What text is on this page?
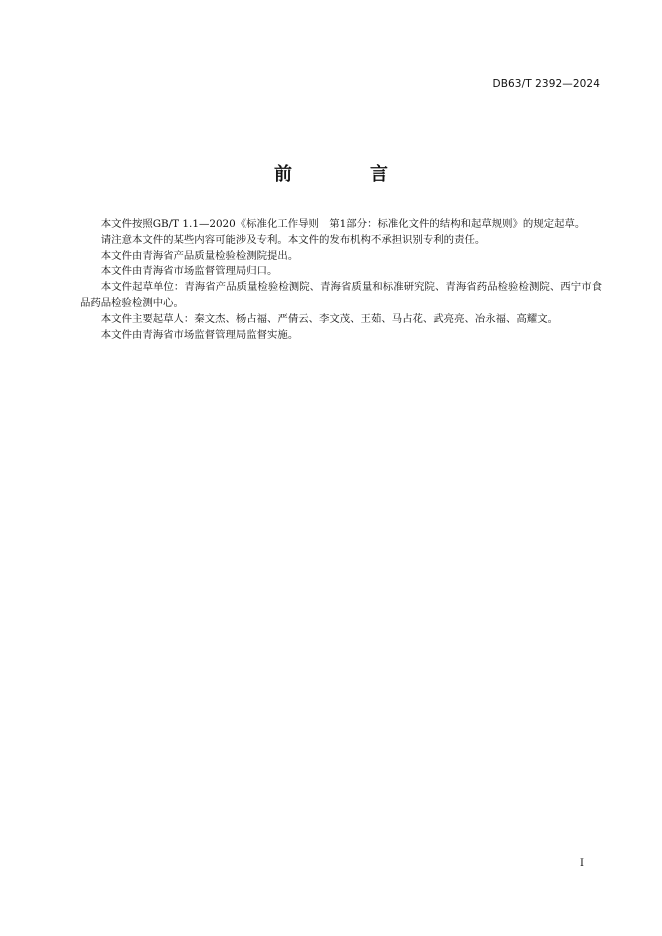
DB63/T 2392—2024
前　言

本文件按照GB/T 1.1—2020《标准化工作导则　第1部分：标准化文件的结构和起草规则》的规定起草。

请注意本文件的某些内容可能涉及专利。本文件的发布机构不承担识别专利的责任。

本文件由青海省产品质量检验检测院提出。

本文件由青海省市场监督管理局归口。

本文件起草单位：青海省产品质量检验检测院、青海省质量和标准研究院、青海省药品检验检测院、西宁市食品药品检验检测中心。

本文件主要起草人：秦文杰、杨占福、严倩云、李文茂、王茹、马占花、武亮亮、冶永福、高耀文。

本文件由青海省市场监督管理局监督实施。

I
